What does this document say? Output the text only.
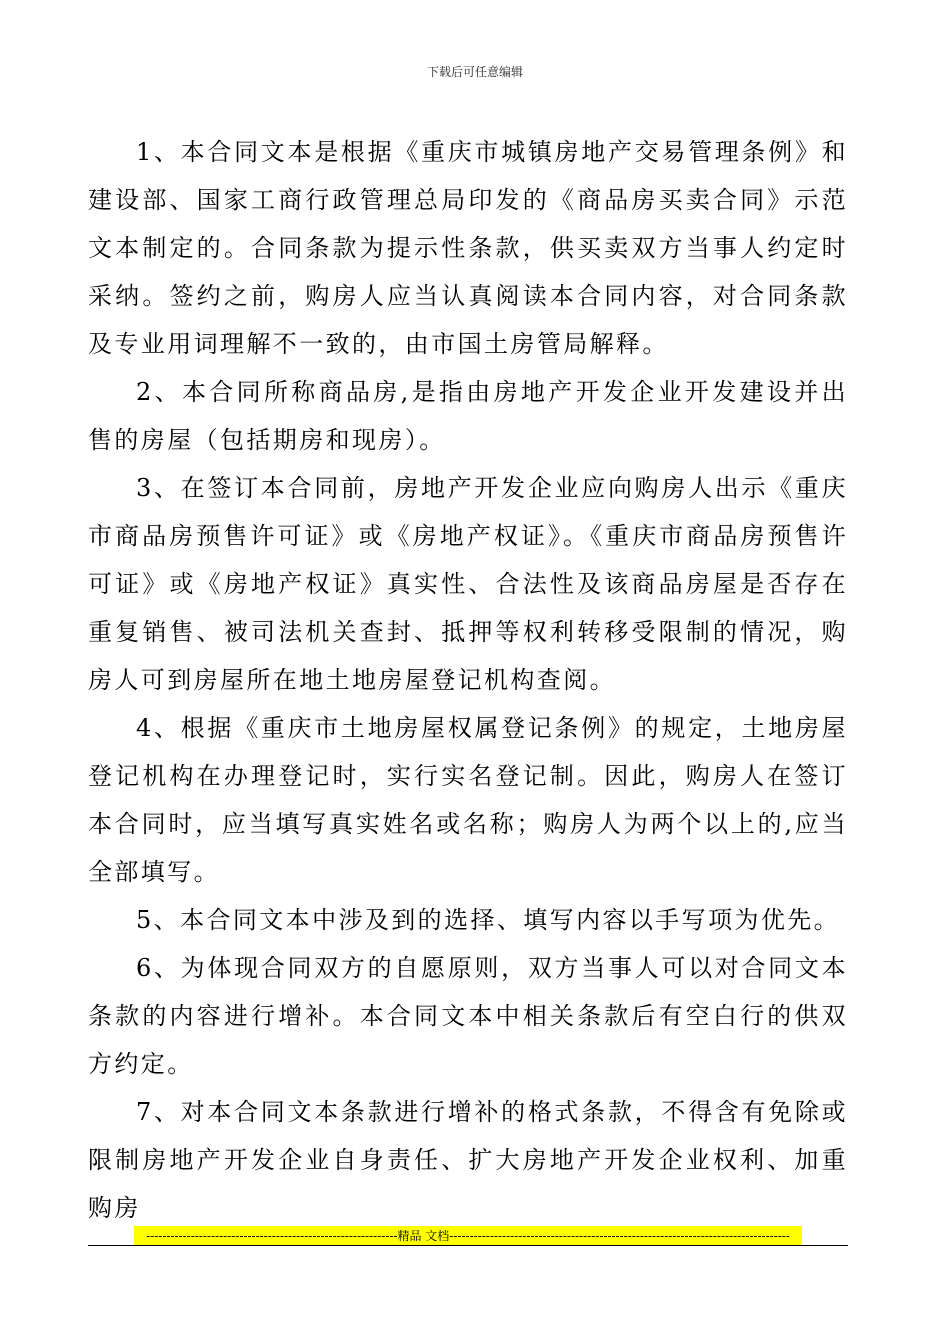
下载后可任意编辑

1、本合同文本是根据《重庆市城镇房地产交易管理条例》和建设部、国家工商行政管理总局印发的《商品房买卖合同》示范文本制定的。合同条款为提示性条款，供买卖双方当事人约定时采纳。签约之前，购房人应当认真阅读本合同内容，对合同条款及专业用词理解不一致的，由市国土房管局解释。

2、本合同所称商品房,是指由房地产开发企业开发建设并出售的房屋（包括期房和现房）。

3、在签订本合同前，房地产开发企业应向购房人出示《重庆市商品房预售许可证》或《房地产权证》。《重庆市商品房预售许可证》或《房地产权证》真实性、合法性及该商品房屋是否存在重复销售、被司法机关查封、抵押等权利转移受限制的情况，购房人可到房屋所在地土地房屋登记机构查阅。

4、根据《重庆市土地房屋权属登记条例》的规定，土地房屋登记机构在办理登记时，实行实名登记制。因此，购房人在签订本合同时，应当填写真实姓名或名称；购房人为两个以上的,应当全部填写。

5、本合同文本中涉及到的选择、填写内容以手写项为优先。

6、为体现合同双方的自愿原则，双方当事人可以对合同文本条款的内容进行增补。本合同文本中相关条款后有空白行的供双方约定。

7、对本合同文本条款进行增补的格式条款，不得含有免除或限制房地产开发企业自身责任、扩大房地产开发企业权利、加重购房

--------------------------------------------------------------精品 文档------------------------------------------------------------------------------------
